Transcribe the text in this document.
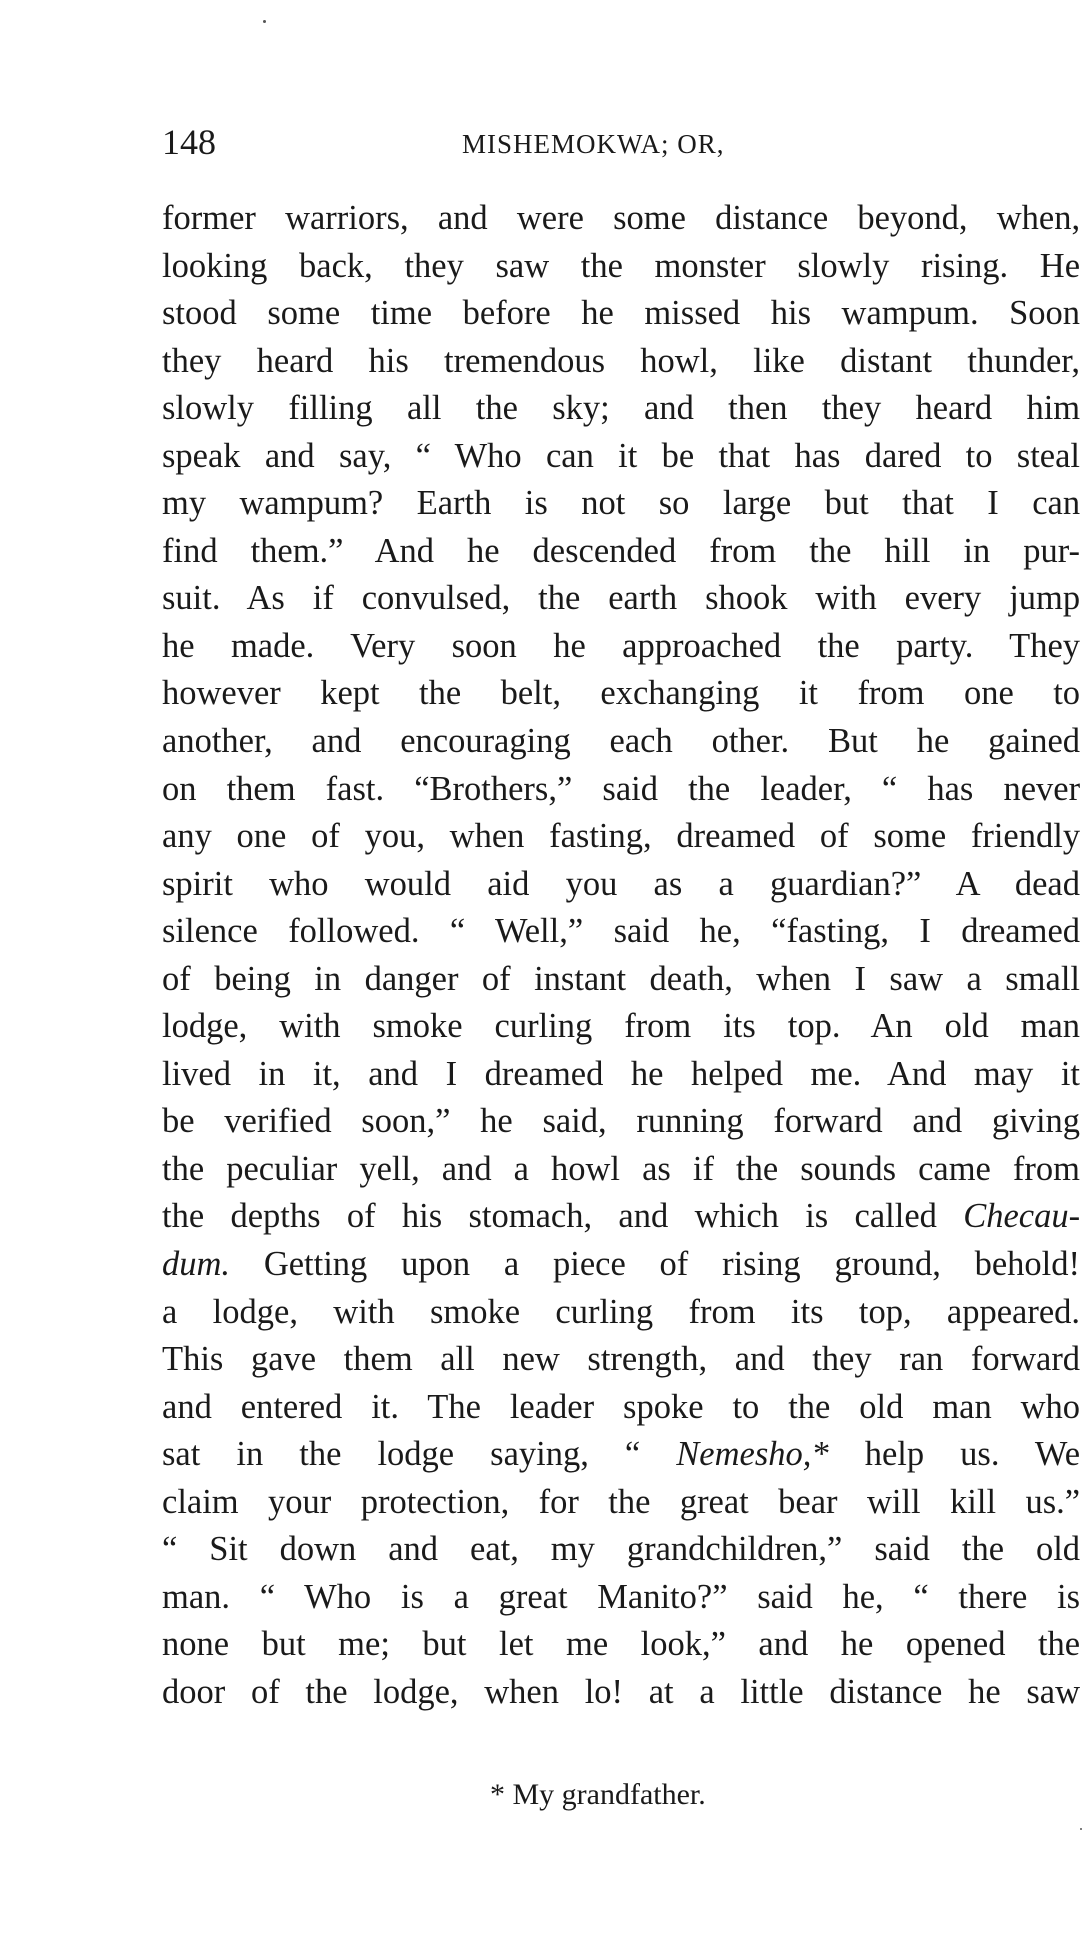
148	MISHEMOKWA; OR,
former warriors, and were some distance beyond, when,
looking back, they saw the monster slowly rising. He
stood some time before he missed his wampum. Soon
they heard his tremendous howl, like distant thunder,
slowly filling all the sky; and then they heard him
speak and say, “ Who can it be that has dared to steal
my wampum? Earth is not so large but that I can
find them.” And he descended from the hill in pur-
suit. As if convulsed, the earth shook with every jump
he made. Very soon he approached the party. They
however kept the belt, exchanging it from one to
another, and encouraging each other. But he gained
on them fast. “Brothers,” said the leader, “ has never
any one of you, when fasting, dreamed of some friendly
spirit who would aid you as a guardian?” A dead
silence followed. “ Well,” said he, “fasting, I dreamed
of being in danger of instant death, when I saw a small
lodge, with smoke curling from its top. An old man
lived in it, and I dreamed he helped me. And may it
be verified soon,” he said, running forward and giving
the peculiar yell, and a howl as if the sounds came from
the depths of his stomach, and which is called Checau-
dum. Getting upon a piece of rising ground, behold!
a lodge, with smoke curling from its top, appeared.
This gave them all new strength, and they ran forward
and entered it. The leader spoke to the old man who
sat in the lodge saying, “ Nemesho,* help us. We
claim your protection, for the great bear will kill us.”
“ Sit down and eat, my grandchildren,” said the old
man. “ Who is a great Manito?” said he, “ there is
none but me; but let me look,” and he opened the
door of the lodge, when lo! at a little distance he saw
* My grandfather.
